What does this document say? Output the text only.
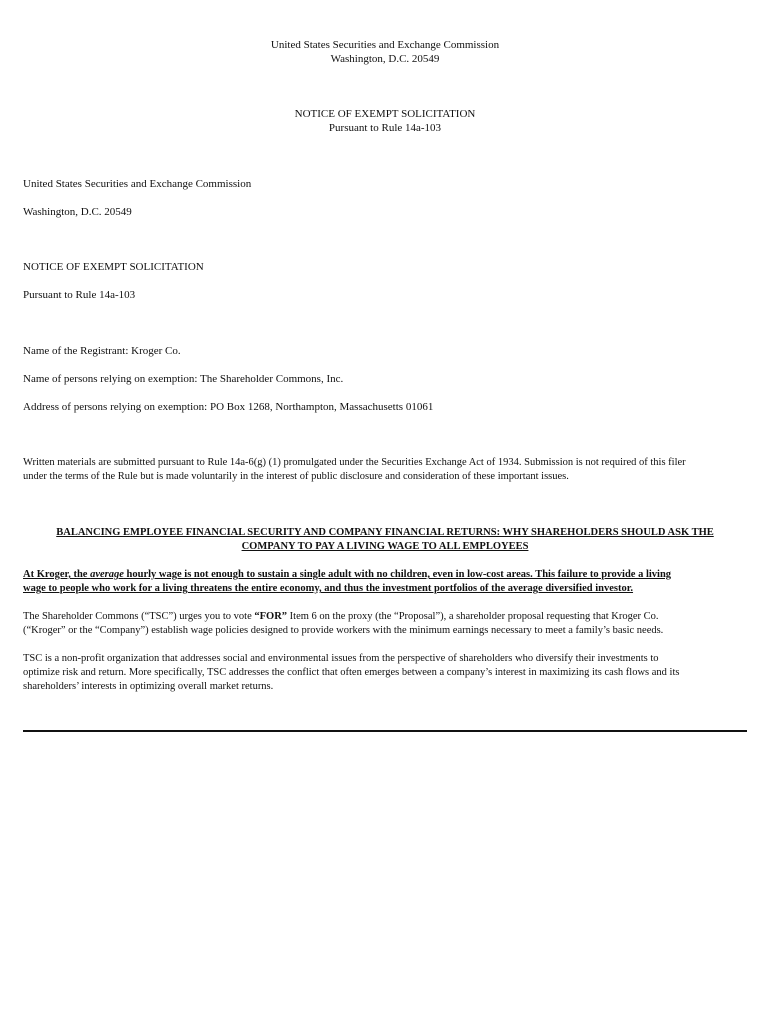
United States Securities and Exchange Commission
Washington, D.C. 20549
NOTICE OF EXEMPT SOLICITATION
Pursuant to Rule 14a-103
United States Securities and Exchange Commission
Washington, D.C. 20549
NOTICE OF EXEMPT SOLICITATION
Pursuant to Rule 14a-103
Name of the Registrant: Kroger Co.
Name of persons relying on exemption: The Shareholder Commons, Inc.
Address of persons relying on exemption: PO Box 1268, Northampton, Massachusetts 01061
Written materials are submitted pursuant to Rule 14a-6(g) (1) promulgated under the Securities Exchange Act of 1934. Submission is not required of this filer
under the terms of the Rule but is made voluntarily in the interest of public disclosure and consideration of these important issues.
BALANCING EMPLOYEE FINANCIAL SECURITY AND COMPANY FINANCIAL RETURNS: WHY SHAREHOLDERS SHOULD ASK THE
COMPANY TO PAY A LIVING WAGE TO ALL EMPLOYEES
At Kroger, the average hourly wage is not enough to sustain a single adult with no children, even in low-cost areas. This failure to provide a living
wage to people who work for a living threatens the entire economy, and thus the investment portfolios of the average diversified investor.
The Shareholder Commons (“TSC”) urges you to vote “FOR” Item 6 on the proxy (the “Proposal”), a shareholder proposal requesting that Kroger Co.
(“Kroger” or the “Company”) establish wage policies designed to provide workers with the minimum earnings necessary to meet a family’s basic needs.
TSC is a non-profit organization that addresses social and environmental issues from the perspective of shareholders who diversify their investments to
optimize risk and return. More specifically, TSC addresses the conflict that often emerges between a company’s interest in maximizing its cash flows and its
shareholders’ interests in optimizing overall market returns.
